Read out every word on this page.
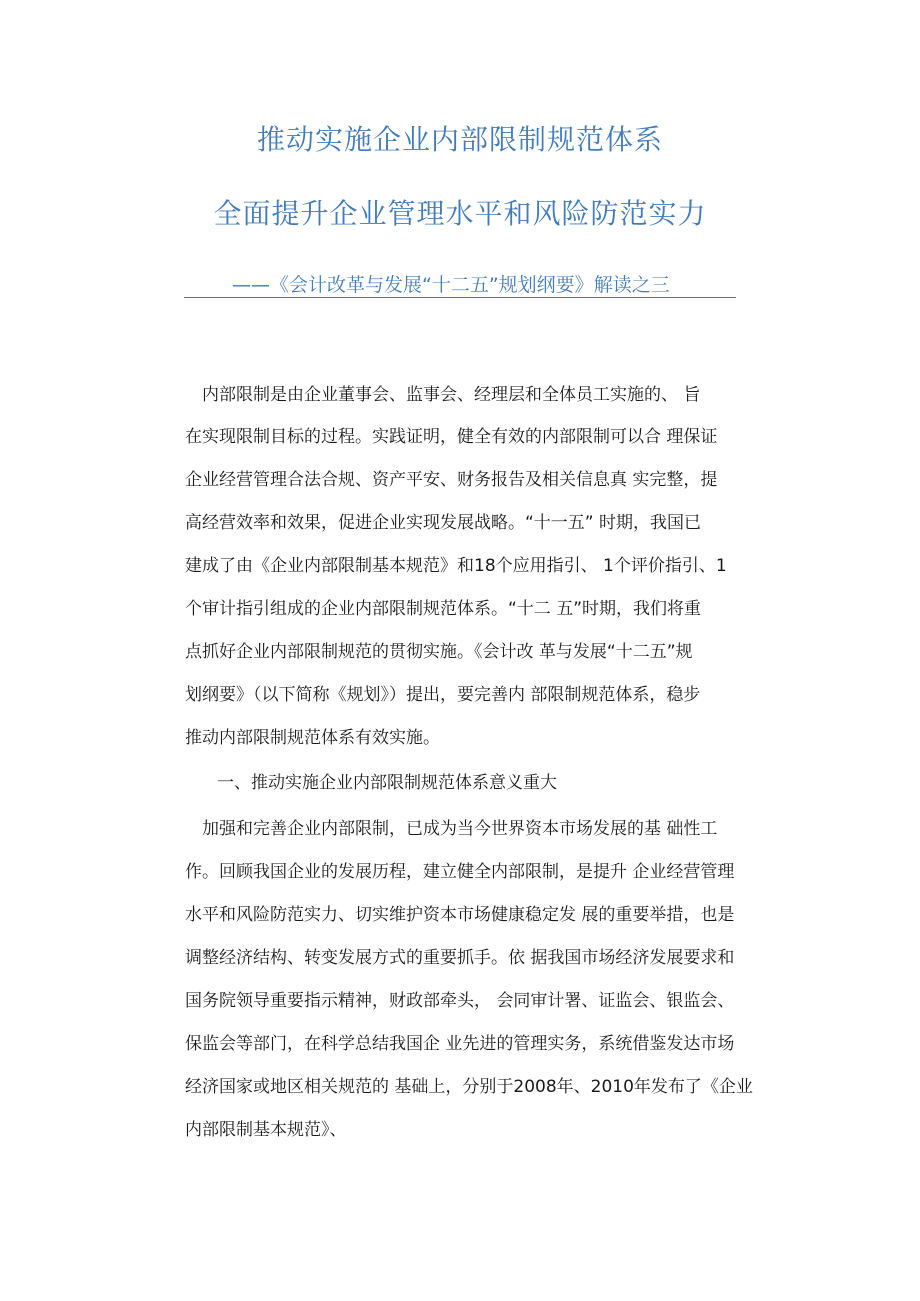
推动实施企业内部限制规范体系
全面提升企业管理水平和风险防范实力
——《会计改革与发展“十二五”规划纲要》解读之三
　内部限制是由企业董事会、监事会、经理层和全体员工实施的、 旨
在实现限制目标的过程。实践证明，健全有效的内部限制可以合 理保证
企业经营管理合法合规、资产平安、财务报告及相关信息真 实完整，提
高经营效率和效果，促进企业实现发展战略。“十一五” 时期，我国已
建成了由《企业内部限制基本规范》和18个应用指引、 1个评价指引、1
个审计指引组成的企业内部限制规范体系。“十二 五”时期，我们将重
点抓好企业内部限制规范的贯彻实施。《会计改 革与发展“十二五”规
划纲要》（以下简称《规划》）提出，要完善内 部限制规范体系，稳步
推动内部限制规范体系有效实施。
一、推动实施企业内部限制规范体系意义重大
　加强和完善企业内部限制，已成为当今世界资本市场发展的基 础性工
作。回顾我国企业的发展历程，建立健全内部限制，是提升 企业经营管理
水平和风险防范实力、切实维护资本市场健康稳定发 展的重要举措，也是
调整经济结构、转变发展方式的重要抓手。依 据我国市场经济发展要求和
国务院领导重要指示精神，财政部牵头， 会同审计署、证监会、银监会、
保监会等部门，在科学总结我国企 业先进的管理实务，系统借鉴发达市场
经济国家或地区相关规范的 基础上，分别于2008年、2010年发布了《企业
内部限制基本规范》、
